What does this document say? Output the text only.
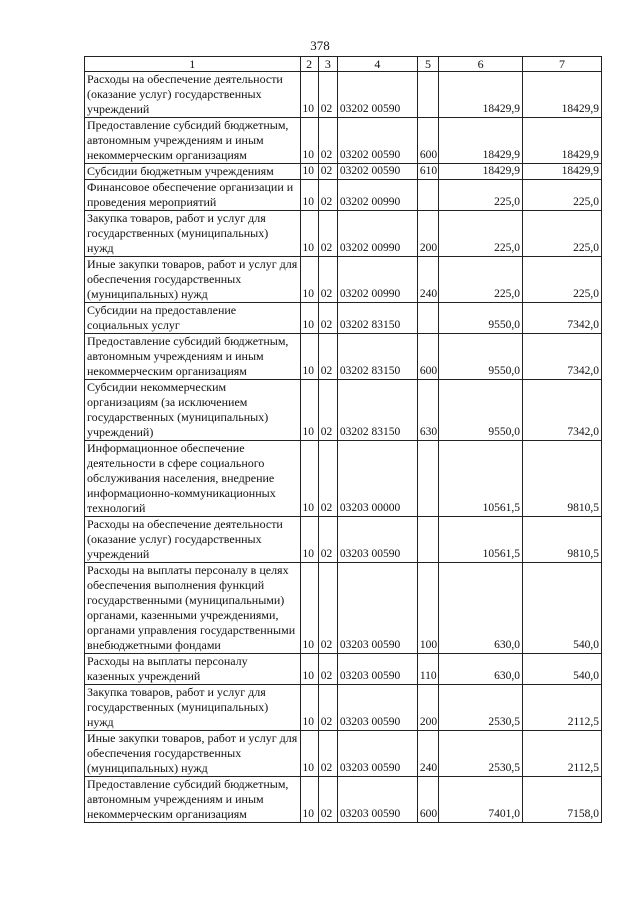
378
1	2	3	4	5	6	7
Расходы на обеспечение деятельности (оказание услуг) государственных учреждений	10	02	03202 00590		18429,9	18429,9
Предоставление субсидий бюджетным, автономным учреждениям и иным некоммерческим организациям	10	02	03202 00590	600	18429,9	18429,9
Субсидии бюджетным учреждениям	10	02	03202 00590	610	18429,9	18429,9
Финансовое обеспечение организации и проведения мероприятий	10	02	03202 00990		225,0	225,0
Закупка товаров, работ и услуг для государственных (муниципальных) нужд	10	02	03202 00990	200	225,0	225,0
Иные закупки товаров, работ и услуг для обеспечения государственных (муниципальных) нужд	10	02	03202 00990	240	225,0	225,0
Субсидии на предоставление социальных услуг	10	02	03202 83150		9550,0	7342,0
Предоставление субсидий бюджетным, автономным учреждениям и иным некоммерческим организациям	10	02	03202 83150	600	9550,0	7342,0
Субсидии некоммерческим организациям (за исключением государственных (муниципальных) учреждений)	10	02	03202 83150	630	9550,0	7342,0
Информационное обеспечение деятельности в сфере социального обслуживания населения, внедрение информационно-коммуникационных технологий	10	02	03203 00000		10561,5	9810,5
Расходы на обеспечение деятельности (оказание услуг) государственных учреждений	10	02	03203 00590		10561,5	9810,5
Расходы на выплаты персоналу в целях обеспечения выполнения функций государственными (муниципальными) органами, казенными учреждениями, органами управления государственными внебюджетными фондами	10	02	03203 00590	100	630,0	540,0
Расходы на выплаты персоналу казенных учреждений	10	02	03203 00590	110	630,0	540,0
Закупка товаров, работ и услуг для государственных (муниципальных) нужд	10	02	03203 00590	200	2530,5	2112,5
Иные закупки товаров, работ и услуг для обеспечения государственных (муниципальных) нужд	10	02	03203 00590	240	2530,5	2112,5
Предоставление субсидий бюджетным, автономным учреждениям и иным некоммерческим организациям	10	02	03203 00590	600	7401,0	7158,0
